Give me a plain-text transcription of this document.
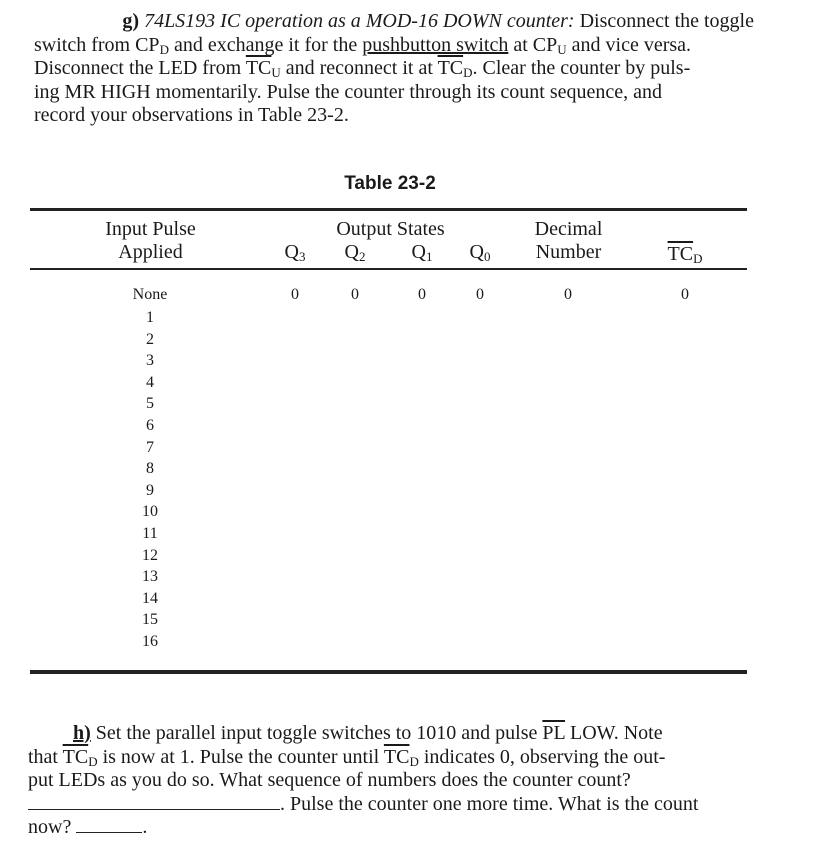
g) 74LS193 IC operation as a MOD-16 DOWN counter: Disconnect the toggle
switch from $CP_D$ and exchange it for the pushbutton switch at $CP_U$ and vice versa.
Disconnect the LED from $\overline{TC}_U$ and reconnect it at $\overline{TC}_D$. Clear the counter by puls-
ing MR HIGH momentarily. Pulse the counter through its count sequence, and
record your observations in Table 23-2.
Table 23-2
Input Pulse
Applied
Output States
$Q_3$	$Q_2$	$Q_1$	$Q_0$
Decimal
Number	$\overline{TC}_D$
None	0	0	0	0	0	0
1
2
3
4
5
6
7
8
9
10
11
12
13
14
15
16
h) Set the parallel input toggle switches to 1010 and pulse $\overline{PL}$ LOW. Note
that $\overline{TC}_D$ is now at 1. Pulse the counter until $\overline{TC}_D$ indicates 0, observing the out-
put LEDs as you do so. What sequence of numbers does the counter count?
. Pulse the counter one more time. What is the count
now?	.
